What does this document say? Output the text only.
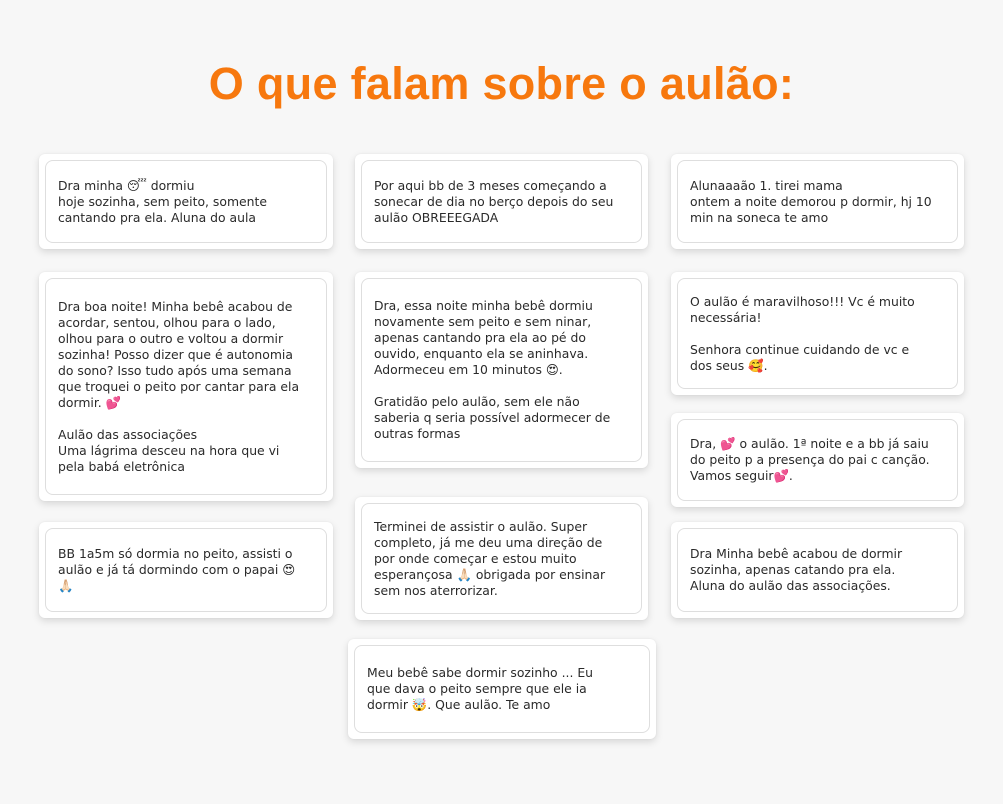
O que falam sobre o aulão:

Dra minha 😴 dormiu
hoje sozinha, sem peito, somente
cantando pra ela. Aluna do aula

Por aqui bb de 3 meses começando a
sonecar de dia no berço depois do seu
aulão OBREEEGADA

Alunaaaão 1. tirei mama
ontem a noite demorou p dormir, hj 10
min na soneca te amo

Dra boa noite! Minha bebê acabou de
acordar, sentou, olhou para o lado,
olhou para o outro e voltou a dormir
sozinha! Posso dizer que é autonomia
do sono? Isso tudo após uma semana
que troquei o peito por cantar para ela
dormir. 💕

Aulão das associações
Uma lágrima desceu na hora que vi
pela babá eletrônica

Dra, essa noite minha bebê dormiu
novamente sem peito e sem ninar,
apenas cantando pra ela ao pé do
ouvido, enquanto ela se aninhava.
Adormeceu em 10 minutos 😍.

Gratidão pelo aulão, sem ele não
saberia q seria possível adormecer de
outras formas

O aulão é maravilhoso!!! Vc é muito
necessária!

Senhora continue cuidando de vc e
dos seus 🥰.

Dra, 💕 o aulão. 1ª noite e a bb já saiu
do peito p a presença do pai c canção.
Vamos seguir💕.

BB 1a5m só dormia no peito, assisti o
aulão e já tá dormindo com o papai 😍
🙏🏻

Terminei de assistir o aulão. Super
completo, já me deu uma direção de
por onde começar e estou muito
esperançosa 🙏🏻 obrigada por ensinar
sem nos aterrorizar.

Dra Minha bebê acabou de dormir
sozinha, apenas catando pra ela.
Aluna do aulão das associações.

Meu bebê sabe dormir sozinho ... Eu
que dava o peito sempre que ele ia
dormir 🤯. Que aulão. Te amo
